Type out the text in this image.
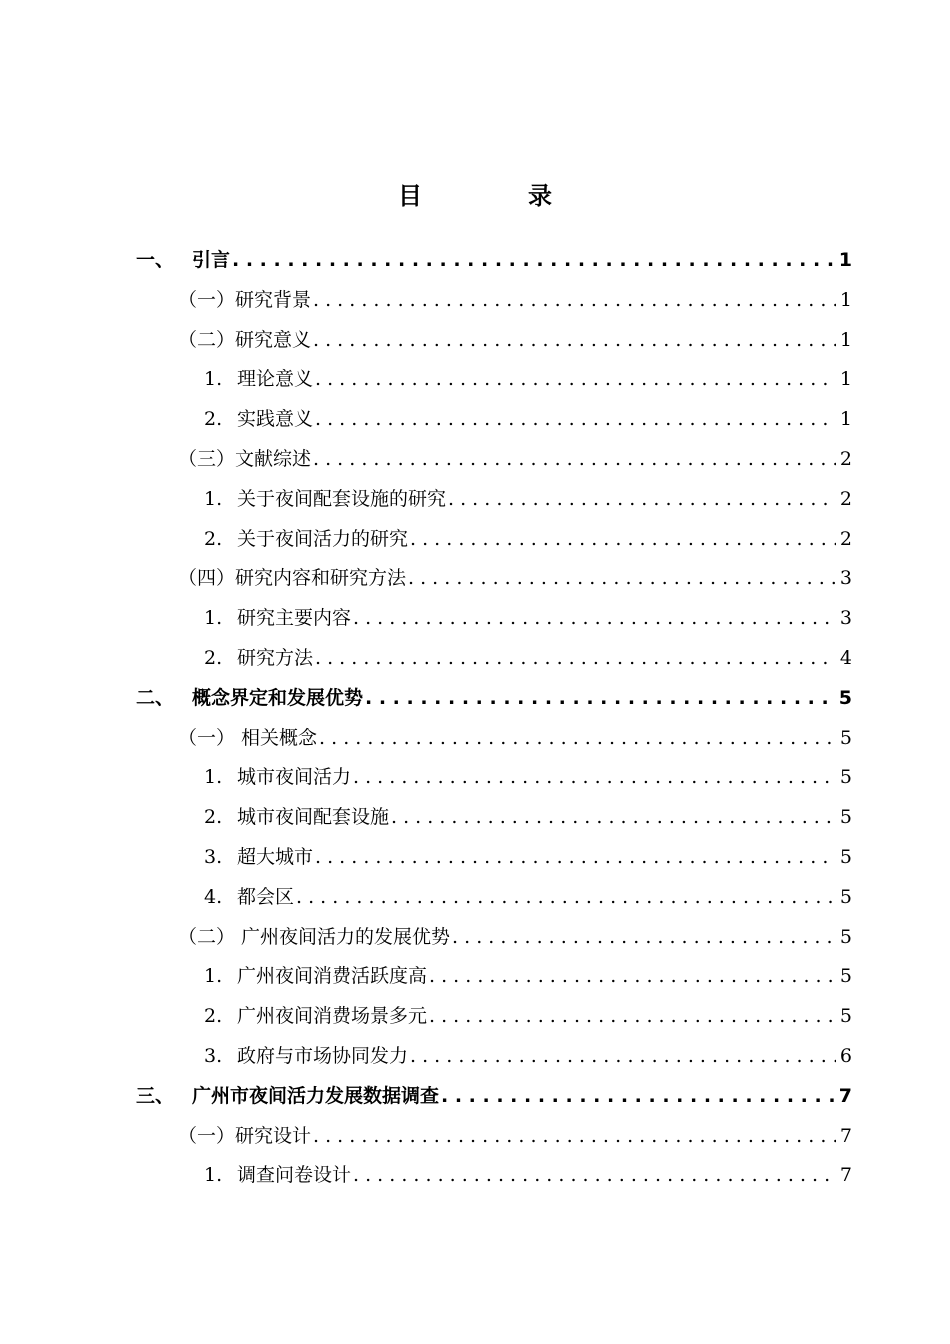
目	录
一、 引言 . . .	1
（一）研究背景 . . .	1
（二）研究意义 . . .	1
1. 理论意义 . . .	1
2. 实践意义 . . .	1
（三）文献综述 . . .	2
1. 关于夜间配套设施的研究 . . .	2
2. 关于夜间活力的研究 . . .	2
（四）研究内容和研究方法 . . .	3
1. 研究主要内容 . . .	3
2. 研究方法 . . .	4
二、 概念界定和发展优势 . . .	5
（一） 相关概念 . . .	5
1. 城市夜间活力 . . .	5
2. 城市夜间配套设施 . . .	5
3. 超大城市 . . .	5
4. 都会区 . . .	5
（二） 广州夜间活力的发展优势 . . .	5
1. 广州夜间消费活跃度高 . . .	5
2. 广州夜间消费场景多元 . . .	5
3. 政府与市场协同发力 . . .	6
三、 广州市夜间活力发展数据调查 . . .	7
（一）研究设计 . . .	7
1. 调查问卷设计 . . .	7
